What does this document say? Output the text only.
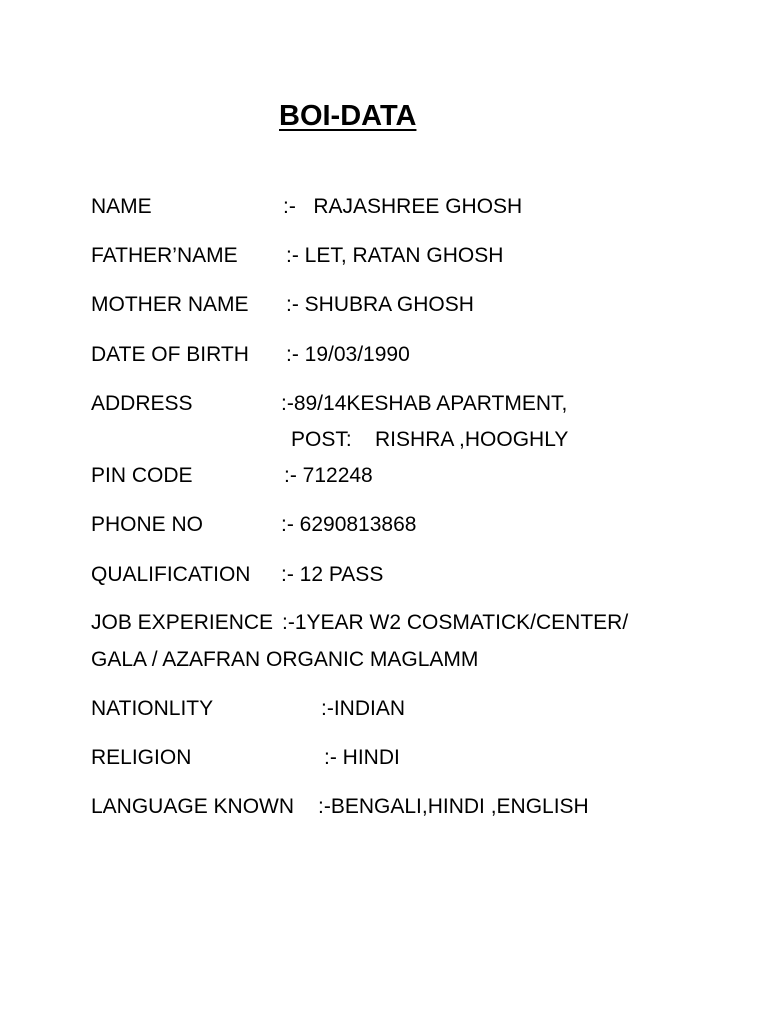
BOI-DATA
NAME	:-   RAJASHREE GHOSH
FATHER’NAME :- LET, RATAN GHOSH
MOTHER NAME :- SHUBRA GHOSH
DATE OF BIRTH :- 19/03/1990
ADDRESS	:-89/14KESHAB APARTMENT,
POST:    RISHRA ,HOOGHLY
PIN CODE	:- 712248
PHONE NO	:- 6290813868
QUALIFICATION :- 12 PASS
JOB EXPERIENCE :-1YEAR W2 COSMATICK/CENTER/
GALA / AZAFRAN ORGANIC MAGLAMM
NATIONLITY	:-INDIAN
RELIGION	:- HINDI
LANGUAGE KNOWN :-BENGALI,HINDI ,ENGLISH
